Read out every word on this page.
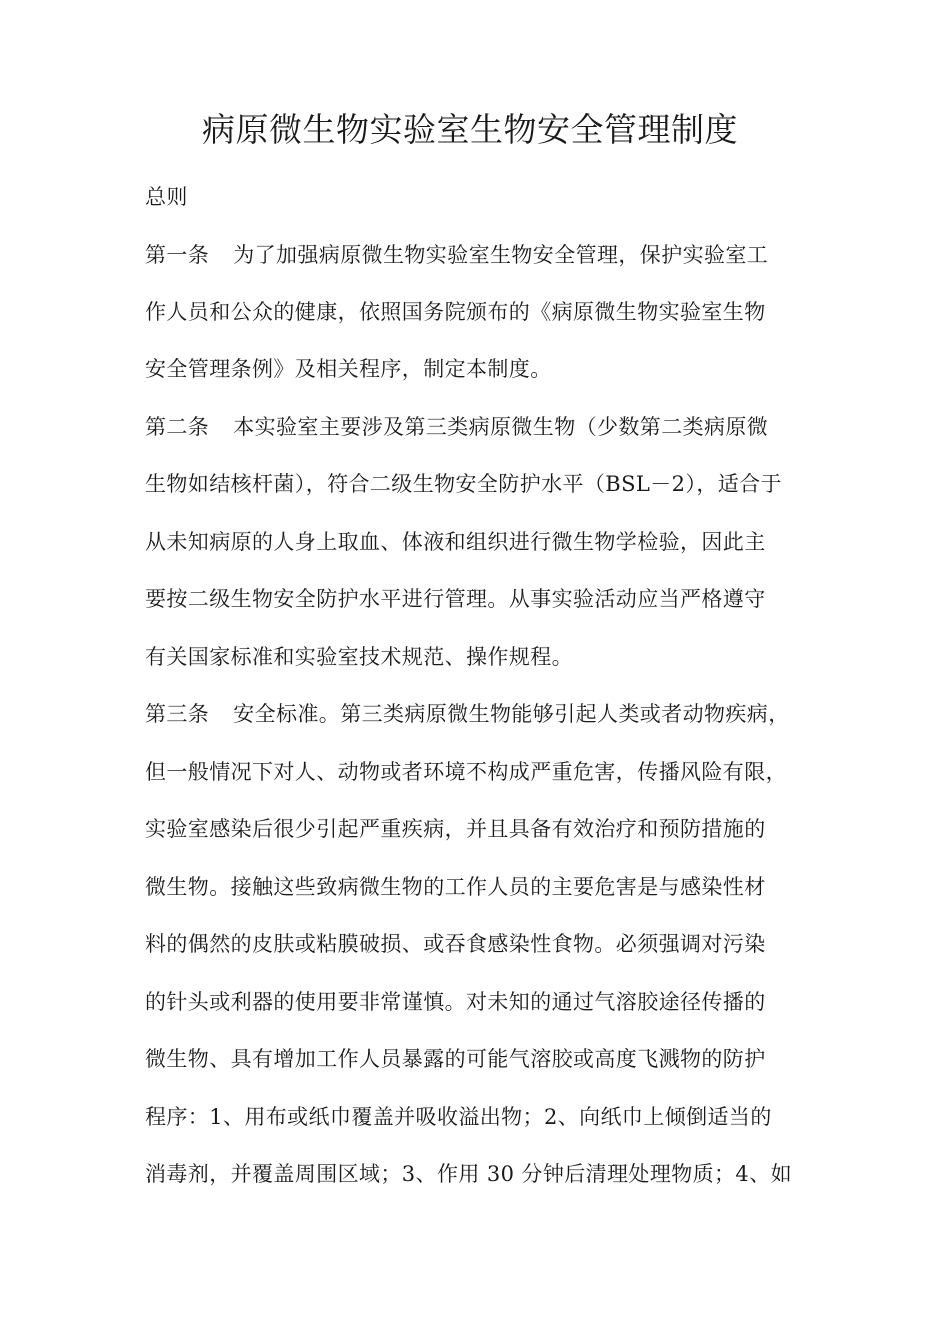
病原微生物实验室生物安全管理制度
总则
第一条 为了加强病原微生物实验室生物安全管理，保护实验室工
作人员和公众的健康，依照国务院颁布的《病原微生物实验室生物
安全管理条例》及相关程序，制定本制度。
第二条 本实验室主要涉及第三类病原微生物（少数第二类病原微
生物如结核杆菌），符合二级生物安全防护水平（BSL－2），适合于
从未知病原的人身上取血、体液和组织进行微生物学检验，因此主
要按二级生物安全防护水平进行管理。从事实验活动应当严格遵守
有关国家标准和实验室技术规范、操作规程。
第三条 安全标准。第三类病原微生物能够引起人类或者动物疾病，
但一般情况下对人、动物或者环境不构成严重危害，传播风险有限，
实验室感染后很少引起严重疾病，并且具备有效治疗和预防措施的
微生物。接触这些致病微生物的工作人员的主要危害是与感染性材
料的偶然的皮肤或粘膜破损、或吞食感染性食物。必须强调对污染
的针头或利器的使用要非常谨慎。对未知的通过气溶胶途径传播的
微生物、具有增加工作人员暴露的可能气溶胶或高度飞溅物的防护
程序：1、用布或纸巾覆盖并吸收溢出物；2、向纸巾上倾倒适当的
消毒剂，并覆盖周围区域；3、作用 30 分钟后清理处理物质；4、如
